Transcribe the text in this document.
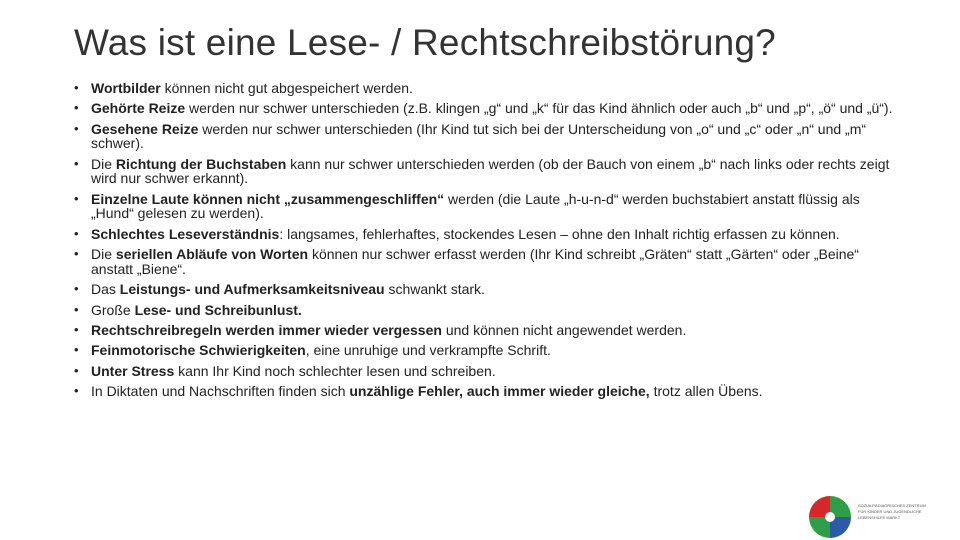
Was ist eine Lese- / Rechtschreibstörung?
• Wortbilder können nicht gut abgespeichert werden.
• Gehörte Reize werden nur schwer unterschieden (z.B. klingen „g“ und „k“ für das Kind ähnlich oder auch „b“ und „p“, „ö“ und „ü“).
• Gesehene Reize werden nur schwer unterschieden (Ihr Kind tut sich bei der Unterscheidung von „o“ und „c“ oder „n“ und „m“ schwer).
• Die Richtung der Buchstaben kann nur schwer unterschieden werden (ob der Bauch von einem „b“ nach links oder rechts zeigt wird nur schwer erkannt).
• Einzelne Laute können nicht „zusammengeschliffen“ werden (die Laute „h-u-n-d“ werden buchstabiert anstatt flüssig als „Hund“ gelesen zu werden).
• Schlechtes Leseverständnis: langsames, fehlerhaftes, stockendes Lesen – ohne den Inhalt richtig erfassen zu können.
• Die seriellen Abläufe von Worten können nur schwer erfasst werden (Ihr Kind schreibt „Gräten“ statt „Gärten“ oder „Beine“ anstatt „Biene“.
• Das Leistungs- und Aufmerksamkeitsniveau schwankt stark.
• Große Lese- und Schreibunlust.
• Rechtschreibregeln werden immer wieder vergessen und können nicht angewendet werden.
• Feinmotorische Schwierigkeiten, eine unruhige und verkrampfte Schrift.
• Unter Stress kann Ihr Kind noch schlechter lesen und schreiben.
• In Diktaten und Nachschriften finden sich unzählige Fehler, auch immer wieder gleiche, trotz allen Übens.
SOZIALPÄDIAGRISCHES ZENTRUM
FÜR KINDER UND JUGENDLICHE
LEBENSHILFE MARKT
